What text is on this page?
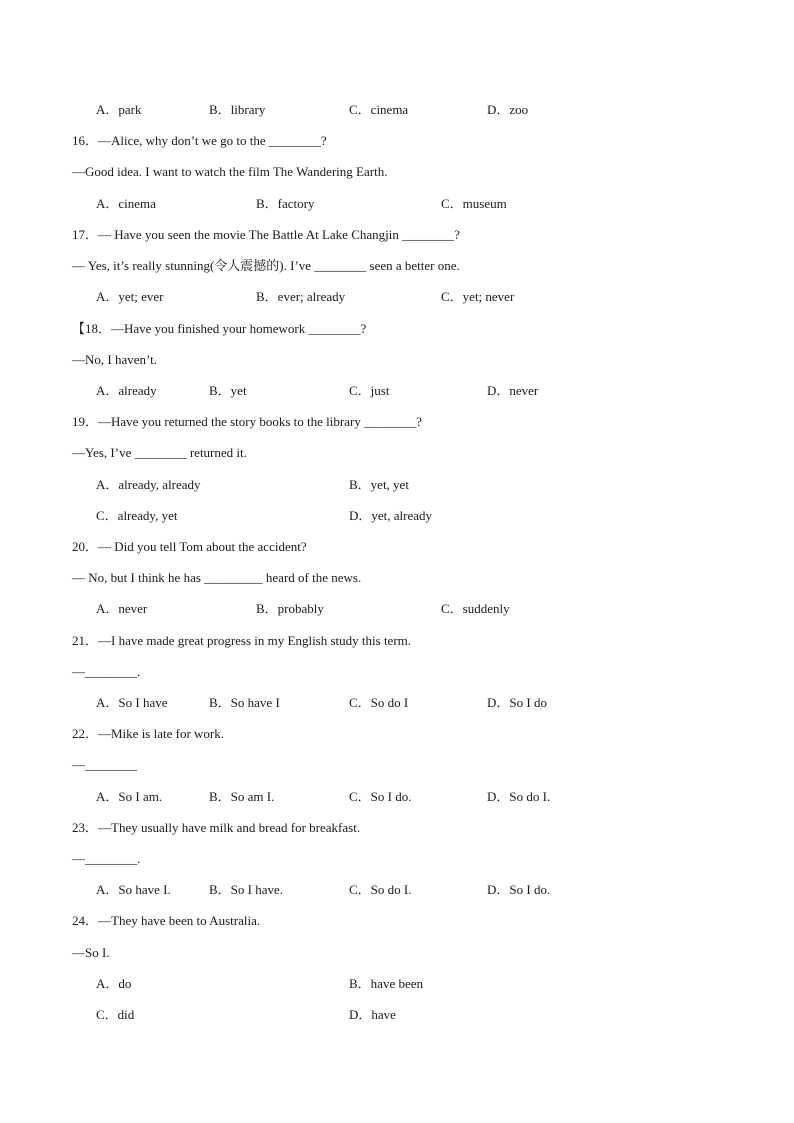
A．park	B．library	C．cinema	D．zoo
16．—Alice, why don’t we go to the ________?
—Good idea. I want to watch the film The Wandering Earth.
A．cinema	B．factory	C．museum
17．— Have you seen the movie The Battle At Lake Changjin ________?
— Yes, it’s really stunning(令人震撼的). I’ve ________ seen a better one.
A．yet; ever	B．ever; already	C．yet; never
【18．—Have you finished your homework ________?
—No, I haven’t.
A．already	B．yet	C．just	D．never
19．—Have you returned the story books to the library ________?
—Yes, I’ve ________ returned it.
A．already, already	B．yet, yet
C．already, yet	D．yet, already
20．— Did you tell Tom about the accident?
— No, but I think he has _________ heard of the news.
A．never	B．probably	C．suddenly
21．—I have made great progress in my English study this term.
—________.
A．So I have	B．So have I	C．So do I	D．So I do
22．—Mike is late for work.
—________
A．So I am.	B．So am I.	C．So I do.	D．So do I.
23．—They usually have milk and bread for breakfast.
—________.
A．So have I.	B．So I have.	C．So do I.	D．So I do.
24．—They have been to Australia.
—So I.
A．do	B．have been
C．did	D．have
